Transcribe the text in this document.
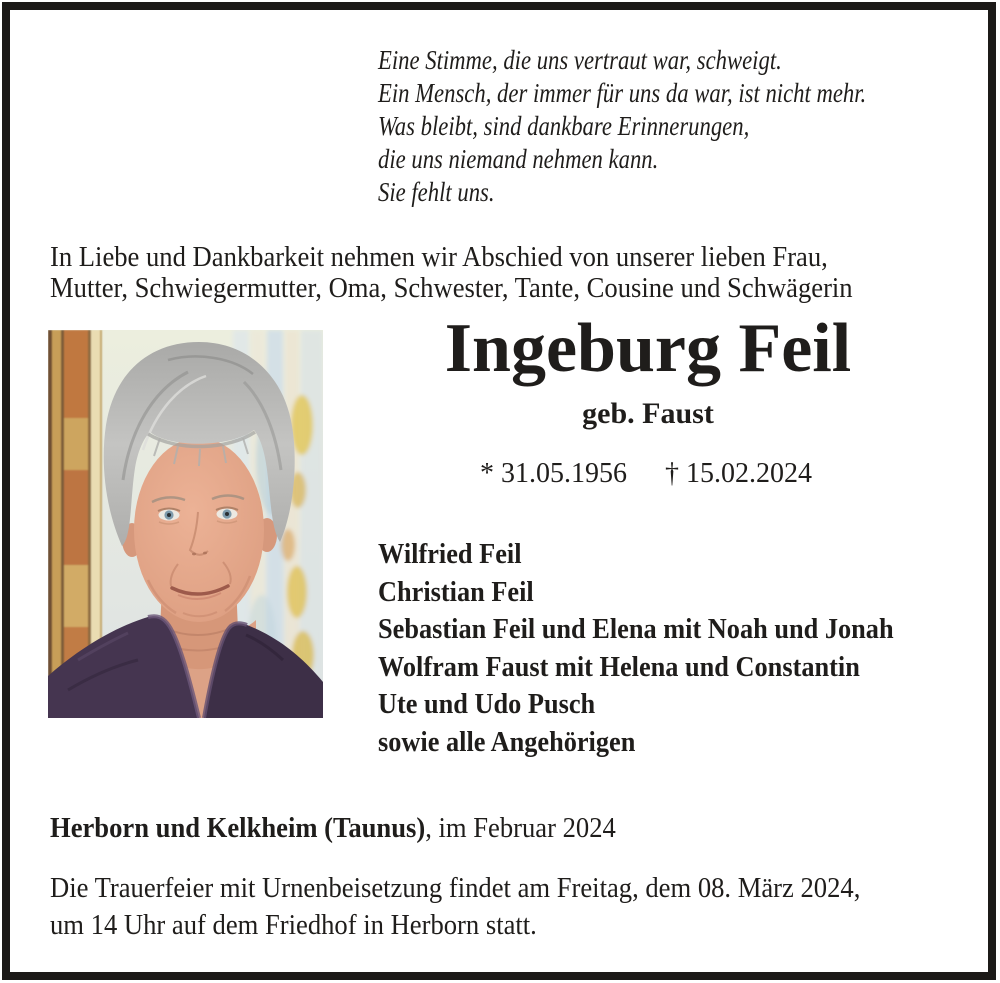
Eine Stimme, die uns vertraut war, schweigt.
Ein Mensch, der immer für uns da war, ist nicht mehr.
Was bleibt, sind dankbare Erinnerungen,
die uns niemand nehmen kann.
Sie fehlt uns.
In Liebe und Dankbarkeit nehmen wir Abschied von unserer lieben Frau,
Mutter, Schwiegermutter, Oma, Schwester, Tante, Cousine und Schwägerin
Ingeburg Feil
geb. Faust
* 31.05.1956 † 15.02.2024
Wilfried Feil
Christian Feil
Sebastian Feil und Elena mit Noah und Jonah
Wolfram Faust mit Helena und Constantin
Ute und Udo Pusch
sowie alle Angehörigen
Herborn und Kelkheim (Taunus), im Februar 2024
Die Trauerfeier mit Urnenbeisetzung findet am Freitag, dem 08. März 2024,
um 14 Uhr auf dem Friedhof in Herborn statt.
